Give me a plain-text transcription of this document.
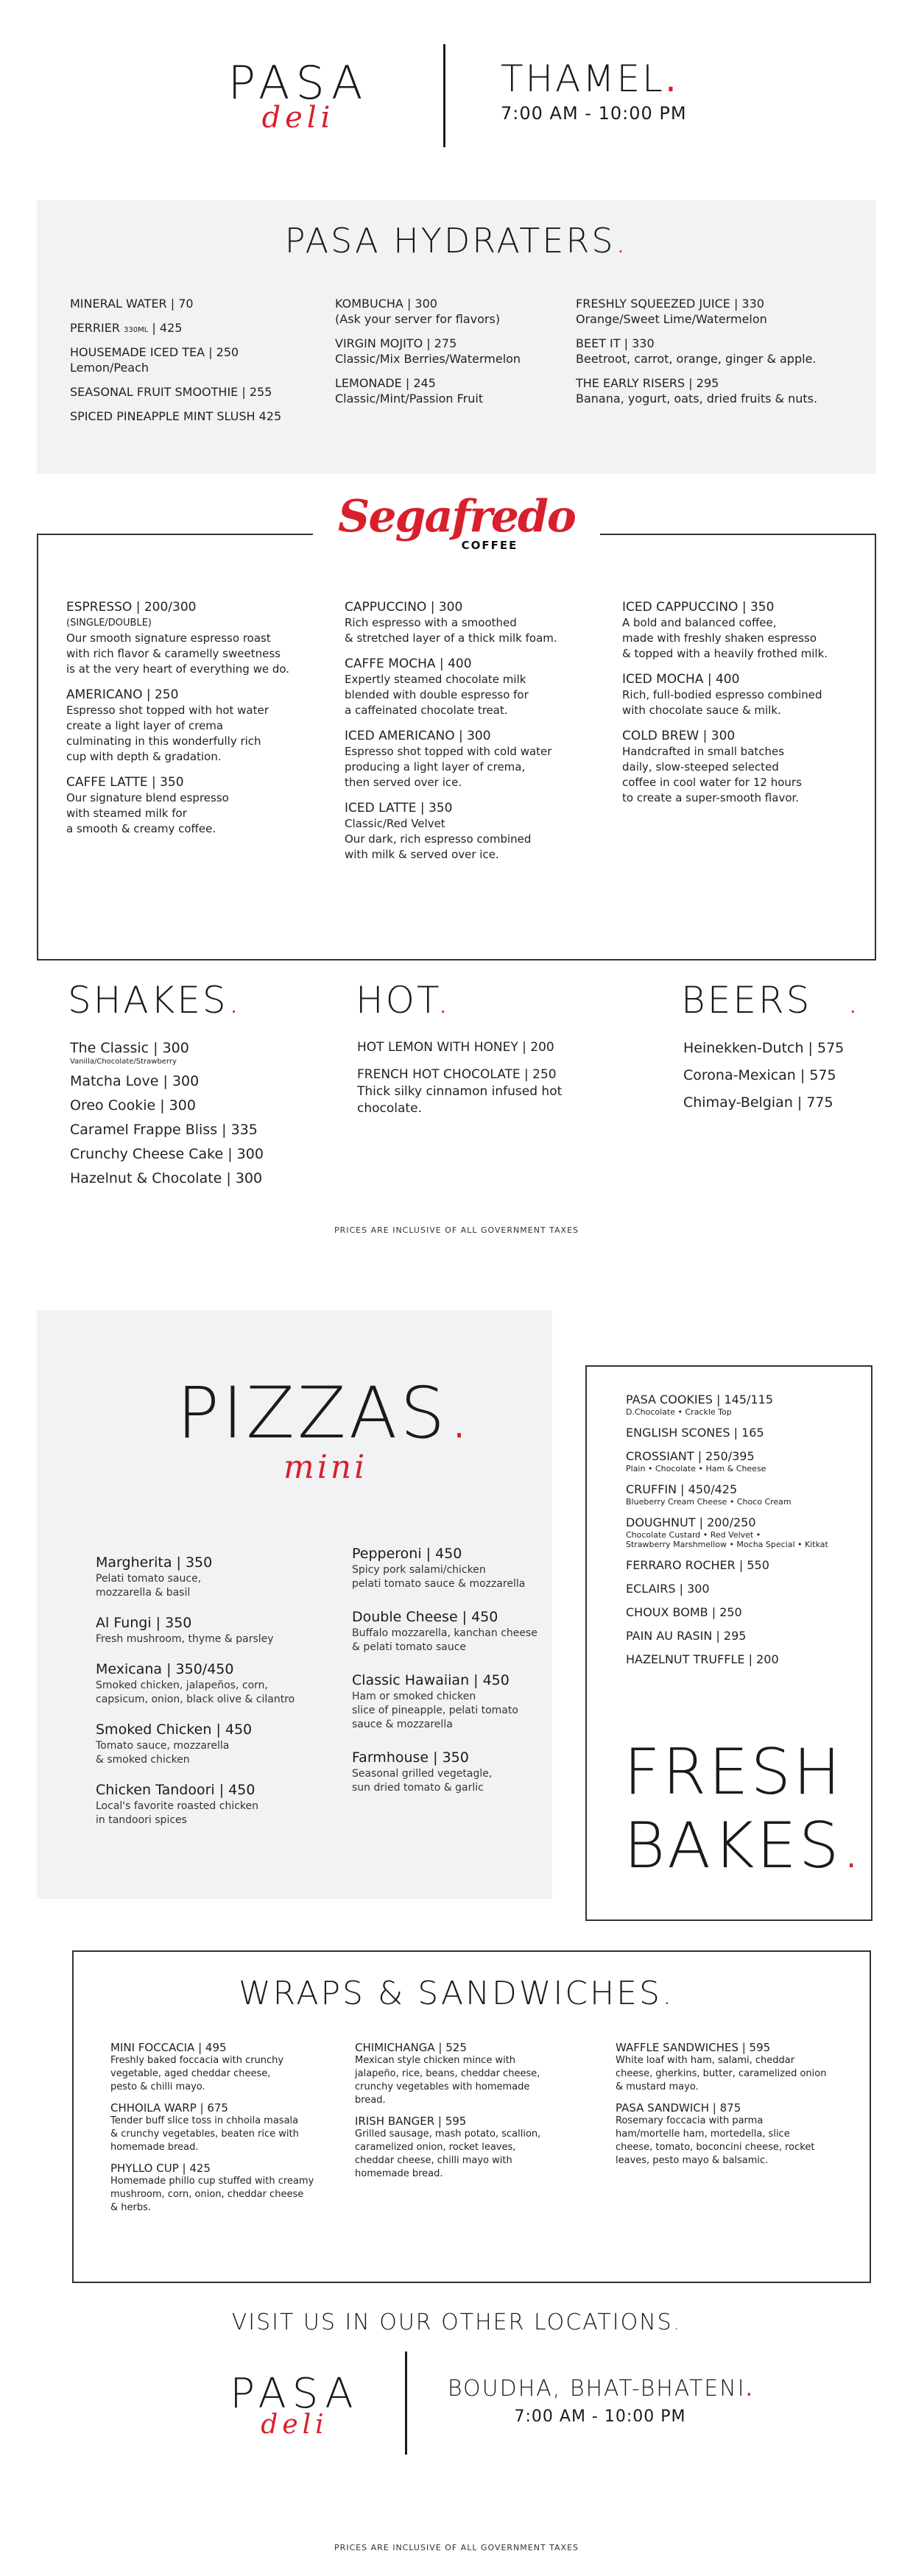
PASA
deli
THAMEL.
7:00 AM - 10:00 PM
PASA HYDRATERS.
MINERAL WATER | 70
PERRIER 330ML | 425
HOUSEMADE ICED TEA | 250
Lemon/Peach
SEASONAL FRUIT SMOOTHIE | 255
SPICED PINEAPPLE MINT SLUSH 425
KOMBUCHA | 300
(Ask your server for flavors)
VIRGIN MOJITO | 275
Classic/Mix Berries/Watermelon
LEMONADE | 245
Classic/Mint/Passion Fruit
FRESHLY SQUEEZED JUICE | 330
Orange/Sweet Lime/Watermelon
BEET IT | 330
Beetroot, carrot, orange, ginger & apple.
THE EARLY RISERS | 295
Banana, yogurt, oats, dried fruits & nuts.
Segafredo
COFFEE
ESPRESSO | 200/300
(SINGLE/DOUBLE)
Our smooth signature espresso roast
with rich flavor & caramelly sweetness
is at the very heart of everything we do.
AMERICANO | 250
Espresso shot topped with hot water
create a light layer of crema
culminating in this wonderfully rich
cup with depth & gradation.
CAFFE LATTE | 350
Our signature blend espresso
with steamed milk for
a smooth & creamy coffee.
CAPPUCCINO | 300
Rich espresso with a smoothed
& stretched layer of a thick milk foam.
CAFFE MOCHA | 400
Expertly steamed chocolate milk
blended with double espresso for
a caffeinated chocolate treat.
ICED AMERICANO | 300
Espresso shot topped with cold water
producing a light layer of crema,
then served over ice.
ICED LATTE | 350
Classic/Red Velvet
Our dark, rich espresso combined
with milk & served over ice.
ICED CAPPUCCINO | 350
A bold and balanced coffee,
made with freshly shaken espresso
& topped with a heavily frothed milk.
ICED MOCHA | 400
Rich, full-bodied espresso combined
with chocolate sauce & milk.
COLD BREW | 300
Handcrafted in small batches
daily, slow-steeped selected
coffee in cool water for 12 hours
to create a super-smooth flavor.
SHAKES.
The Classic | 300
Vanilla/Chocolate/Strawberry
Matcha Love | 300
Oreo Cookie | 300
Caramel Frappe Bliss | 335
Crunchy Cheese Cake | 300
Hazelnut & Chocolate | 300
HOT.
HOT LEMON WITH HONEY | 200
FRENCH HOT CHOCOLATE | 250
Thick silky cinnamon infused hot
chocolate.
BEERS .
Heinekken-Dutch | 575
Corona-Mexican | 575
Chimay-Belgian | 775
PRICES ARE INCLUSIVE OF ALL GOVERNMENT TAXES
PIZZAS.
mini
Margherita | 350
Pelati tomato sauce,
mozzarella & basil
Al Fungi | 350
Fresh mushroom, thyme & parsley
Mexicana | 350/450
Smoked chicken, jalapeños, corn,
capsicum, onion, black olive & cilantro
Smoked Chicken | 450
Tomato sauce, mozzarella
& smoked chicken
Chicken Tandoori | 450
Local's favorite roasted chicken
in tandoori spices
Pepperoni | 450
Spicy pork salami/chicken
pelati tomato sauce & mozzarella
Double Cheese | 450
Buffalo mozzarella, kanchan cheese
& pelati tomato sauce
Classic Hawaiian | 450
Ham or smoked chicken
slice of pineapple, pelati tomato
sauce & mozzarella
Farmhouse | 350
Seasonal grilled vegetagle,
sun dried tomato & garlic
PASA COOKIES | 145/115
D.Chocolate • Crackle Top
ENGLISH SCONES | 165
CROSSIANT | 250/395
Plain • Chocolate • Ham & Cheese
CRUFFIN | 450/425
Blueberry Cream Cheese • Choco Cream
DOUGHNUT | 200/250
Chocolate Custard • Red Velvet •
Strawberry Marshmellow • Mocha Special • Kitkat
FERRARO ROCHER | 550
ECLAIRS | 300
CHOUX BOMB | 250
PAIN AU RASIN | 295
HAZELNUT TRUFFLE | 200
FRESH
BAKES.
WRAPS & SANDWICHES.
MINI FOCCACIA | 495
Freshly baked foccacia with crunchy
vegetable, aged cheddar cheese,
pesto & chilli mayo.
CHHOILA WARP | 675
Tender buff slice toss in chhoila masala
& crunchy vegetables, beaten rice with
homemade bread.
PHYLLO CUP | 425
Homemade phillo cup stuffed with creamy
mushroom, corn, onion, cheddar cheese
& herbs.
CHIMICHANGA | 525
Mexican style chicken mince with
jalapeño, rice, beans, cheddar cheese,
crunchy vegetables with homemade
bread.
IRISH BANGER | 595
Grilled sausage, mash potato, scallion,
caramelized onion, rocket leaves,
cheddar cheese, chilli mayo with
homemade bread.
WAFFLE SANDWICHES | 595
White loaf with ham, salami, cheddar
cheese, gherkins, butter, caramelized onion
& mustard mayo.
PASA SANDWICH | 875
Rosemary foccacia with parma
ham/mortelle ham, mortedella, slice
cheese, tomato, boconcini cheese, rocket
leaves, pesto mayo & balsamic.
VISIT US IN OUR OTHER LOCATIONS.
PASA
deli
BOUDHA, BHAT-BHATENI.
7:00 AM - 10:00 PM
PRICES ARE INCLUSIVE OF ALL GOVERNMENT TAXES
